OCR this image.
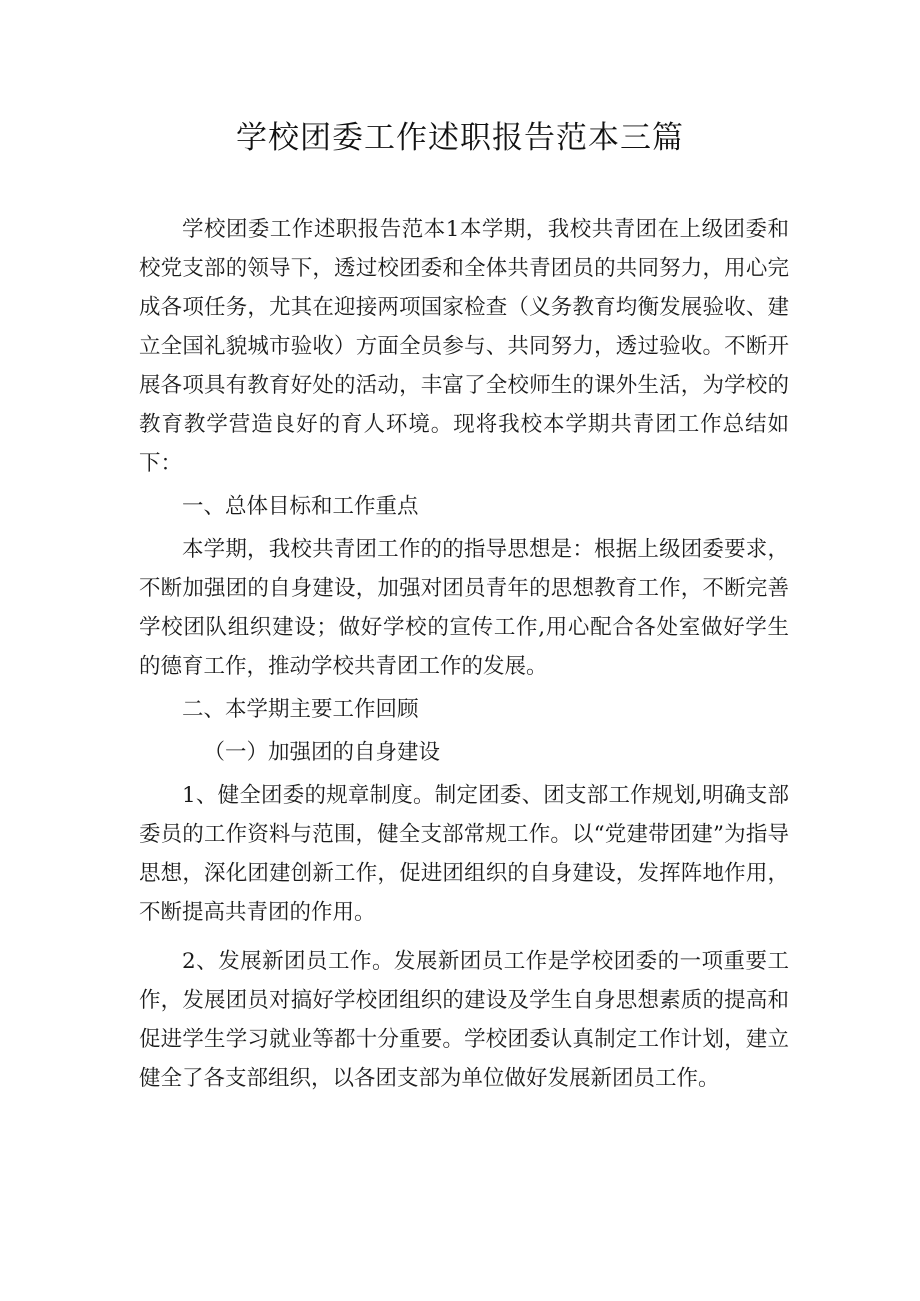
学校团委工作述职报告范本三篇

学校团委工作述职报告范本1本学期，我校共青团在上级团委和校党支部的领导下，透过校团委和全体共青团员的共同努力，用心完成各项任务，尤其在迎接两项国家检查（义务教育均衡发展验收、建立全国礼貌城市验收）方面全员参与、共同努力，透过验收。不断开展各项具有教育好处的活动，丰富了全校师生的课外生活，为学校的教育教学营造良好的育人环境。现将我校本学期共青团工作总结如下：

一、总体目标和工作重点

本学期，我校共青团工作的的指导思想是：根据上级团委要求，不断加强团的自身建设，加强对团员青年的思想教育工作，不断完善学校团队组织建设；做好学校的宣传工作,用心配合各处室做好学生的德育工作，推动学校共青团工作的发展。

二、本学期主要工作回顾

（一）加强团的自身建设

1、健全团委的规章制度。制定团委、团支部工作规划,明确支部委员的工作资料与范围，健全支部常规工作。以“党建带团建”为指导思想，深化团建创新工作，促进团组织的自身建设，发挥阵地作用，不断提高共青团的作用。

2、发展新团员工作。发展新团员工作是学校团委的一项重要工作，发展团员对搞好学校团组织的建设及学生自身思想素质的提高和促进学生学习就业等都十分重要。学校团委认真制定工作计划，建立健全了各支部组织，以各团支部为单位做好发展新团员工作。
